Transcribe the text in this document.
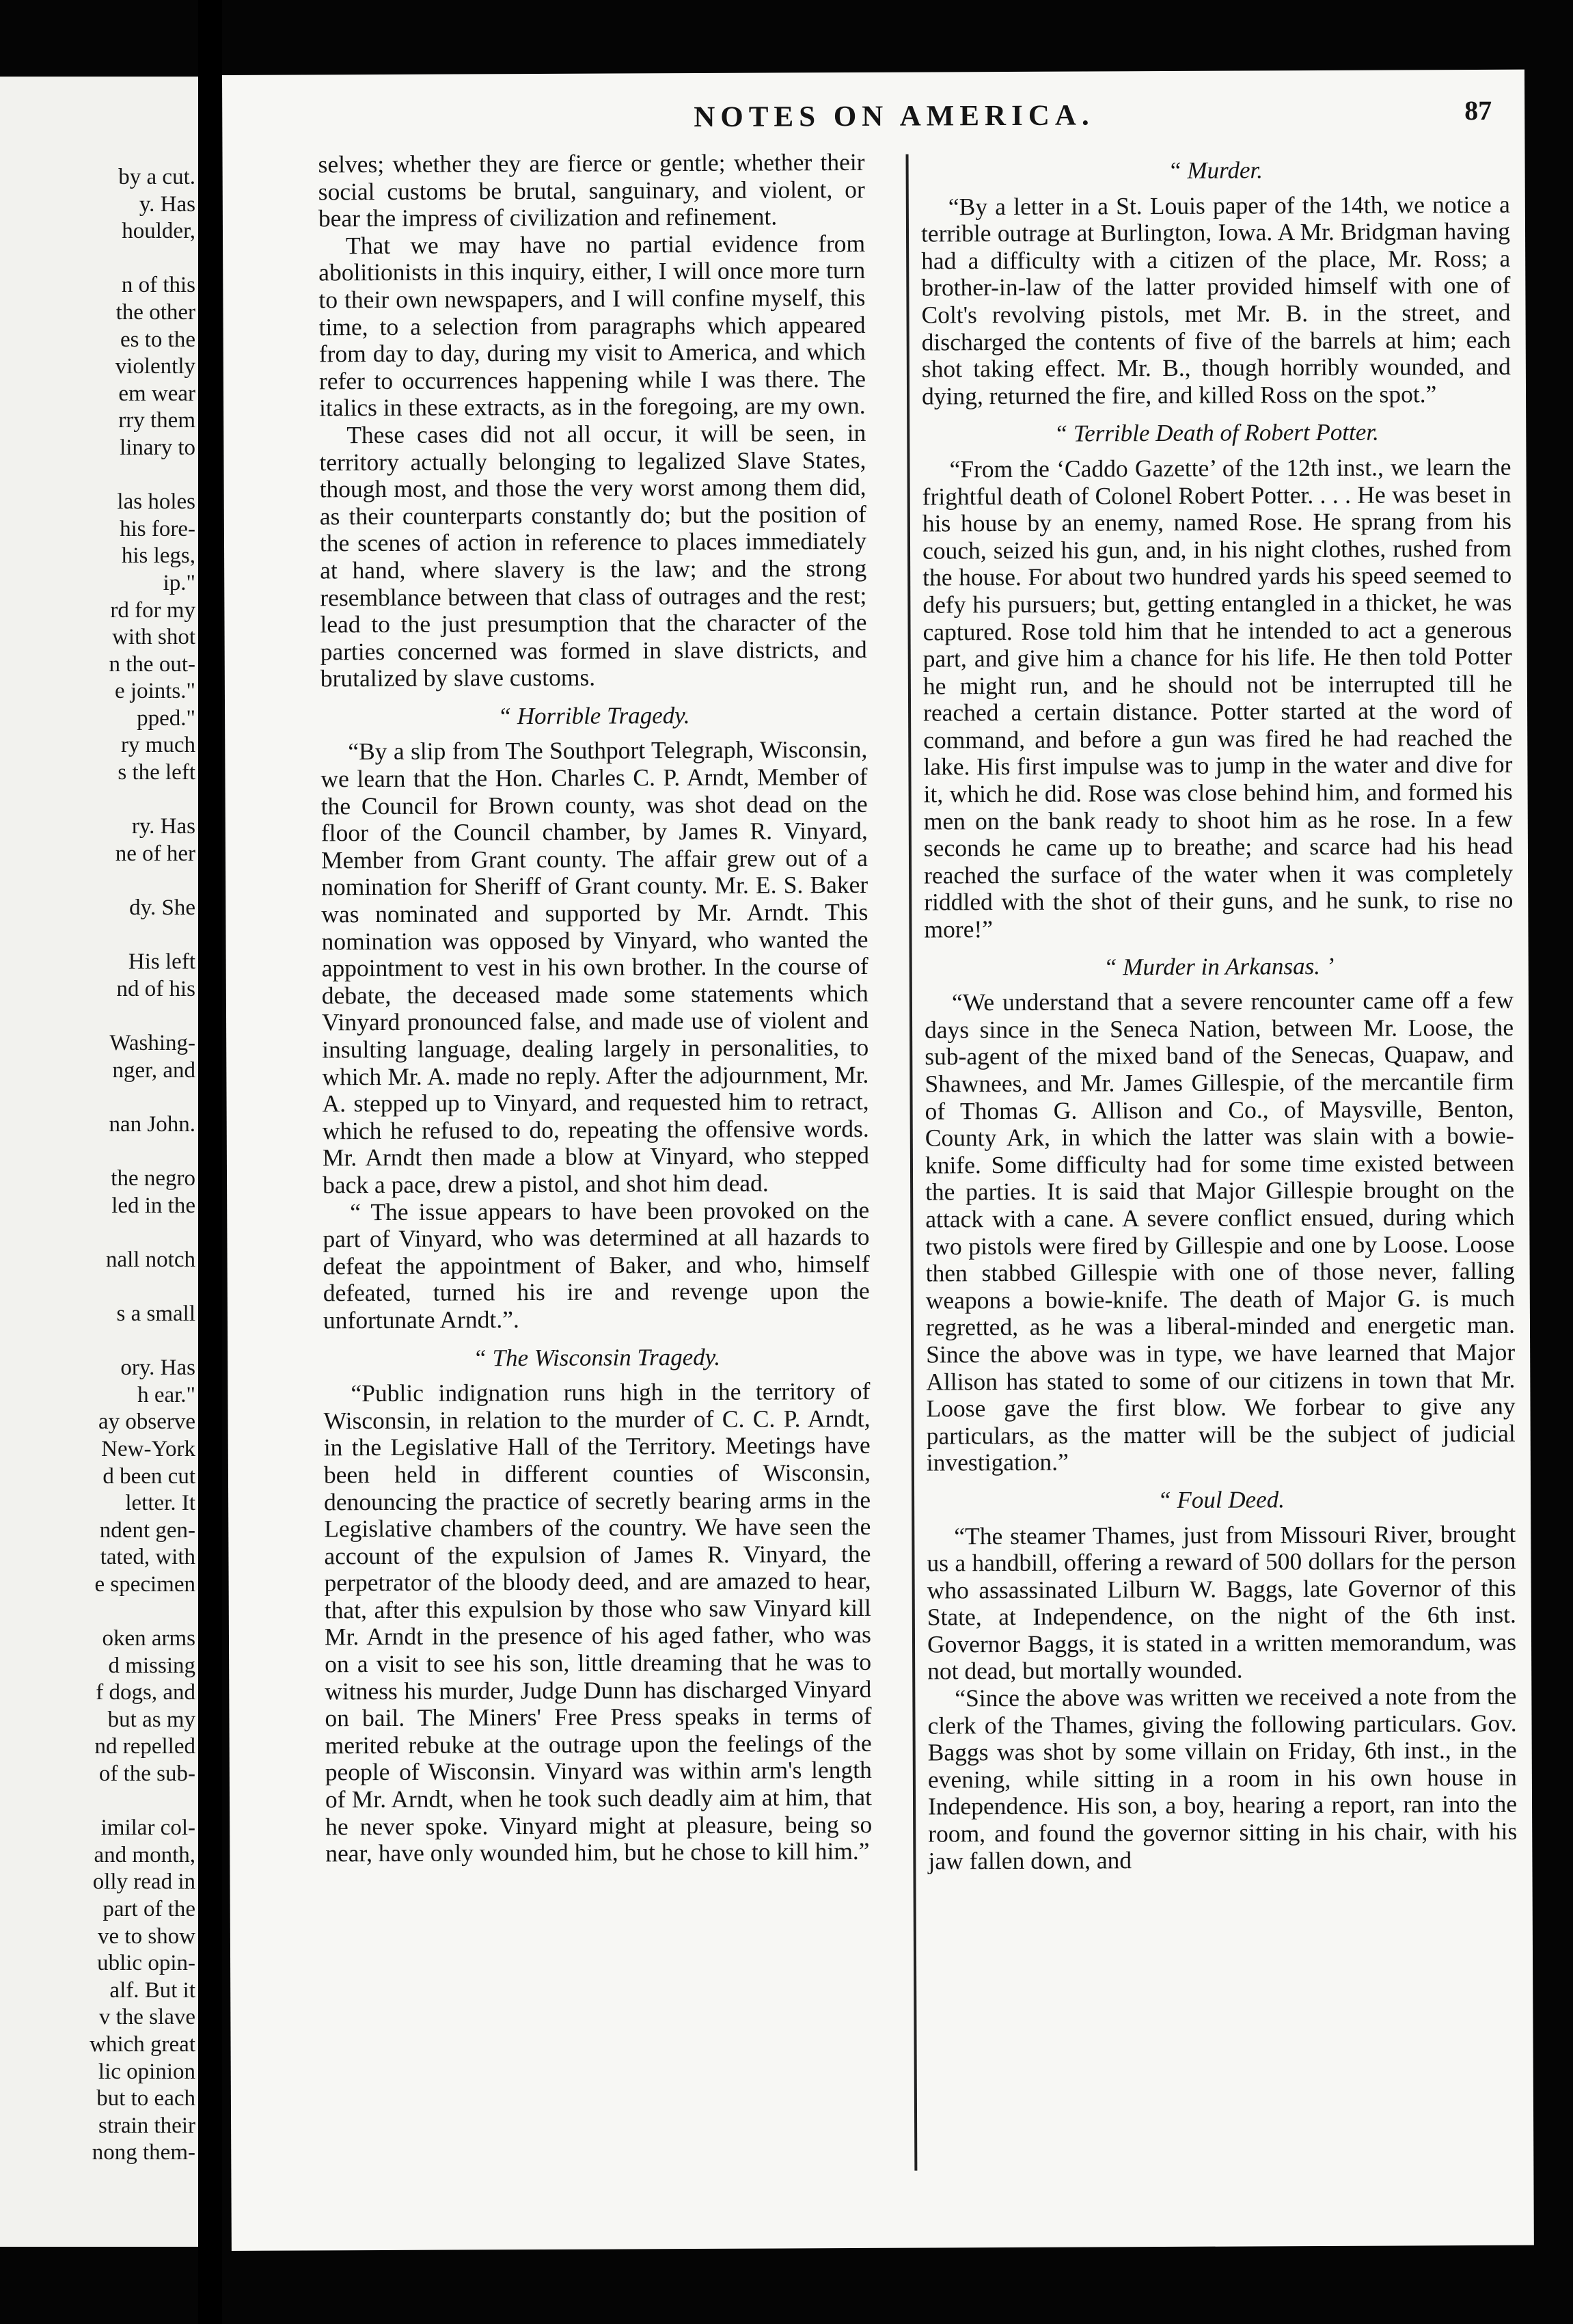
by a cut.
y. Has
houlder,
n of this
the other
es to the
violently
em wear
rry them
linary to
las holes
his fore-
his legs,
ip."
rd for my
with shot
n the out-
e joints."
pped."
ry much
s the left
ry. Has
ne of her
dy. She
His left
nd of his
Washing-
nger, and
nan John.
the negro
led in the
nall notch
s a small
ory. Has
h ear."
ay observe
New-York
d been cut
letter. It
ndent gen-
tated, with
e specimen
oken arms
d missing
f dogs, and
but as my
nd repelled
of the sub-
imilar col-
and month,
olly read in
part of the
ve to show
ublic opin-
alf. But it
v the slave
which great
lic opinion
but to each
strain their
nong them-
NOTES ON AMERICA.	87

selves; whether they are fierce or gentle; whether their social customs be brutal, sanguinary, and violent, or bear the impress of civilization and refinement.

That we may have no partial evidence from abolitionists in this inquiry, either, I will once more turn to their own newspapers, and I will confine myself, this time, to a selection from paragraphs which appeared from day to day, during my visit to America, and which refer to occurrences happening while I was there. The italics in these extracts, as in the foregoing, are my own.

These cases did not all occur, it will be seen, in territory actually belonging to legalized Slave States, though most, and those the very worst among them did, as their counterparts constantly do; but the position of the scenes of action in reference to places immediately at hand, where slavery is the law; and the strong resemblance between that class of outrages and the rest; lead to the just presumption that the character of the parties concerned was formed in slave districts, and brutalized by slave customs.

“ Horrible Tragedy.

“By a slip from The Southport Telegraph, Wisconsin, we learn that the Hon. Charles C. P. Arndt, Member of the Council for Brown county, was shot dead on the floor of the Council chamber, by James R. Vinyard, Member from Grant county. The affair grew out of a nomination for Sheriff of Grant county. Mr. E. S. Baker was nominated and supported by Mr. Arndt. This nomination was opposed by Vinyard, who wanted the appointment to vest in his own brother. In the course of debate, the deceased made some statements which Vinyard pronounced false, and made use of violent and insulting language, dealing largely in personalities, to which Mr. A. made no reply. After the adjournment, Mr. A. stepped up to Vinyard, and requested him to retract, which he refused to do, repeating the offensive words. Mr. Arndt then made a blow at Vinyard, who stepped back a pace, drew a pistol, and shot him dead.

“ The issue appears to have been provoked on the part of Vinyard, who was determined at all hazards to defeat the appointment of Baker, and who, himself defeated, turned his ire and revenge upon the unfortunate Arndt.”.

“ The Wisconsin Tragedy.

“Public indignation runs high in the territory of Wisconsin, in relation to the murder of C. C. P. Arndt, in the Legislative Hall of the Territory. Meetings have been held in different counties of Wisconsin, denouncing the practice of secretly bearing arms in the Legislative chambers of the country. We have seen the account of the expulsion of James R. Vinyard, the perpetrator of the bloody deed, and are amazed to hear, that, after this expulsion by those who saw Vinyard kill Mr. Arndt in the presence of his aged father, who was on a visit to see his son, little dreaming that he was to witness his murder, Judge Dunn has discharged Vinyard on bail. The Miners' Free Press speaks in terms of merited rebuke at the outrage upon the feelings of the people of Wisconsin. Vinyard was within arm's length of Mr. Arndt, when he took such deadly aim at him, that he never spoke. Vinyard might at pleasure, being so near, have only wounded him, but he chose to kill him.”

“ Murder.

“By a letter in a St. Louis paper of the 14th, we notice a terrible outrage at Burlington, Iowa. A Mr. Bridgman having had a difficulty with a citizen of the place, Mr. Ross; a brother-in-law of the latter provided himself with one of Colt's revolving pistols, met Mr. B. in the street, and discharged the contents of five of the barrels at him; each shot taking effect. Mr. B., though horribly wounded, and dying, returned the fire, and killed Ross on the spot.”

“ Terrible Death of Robert Potter.

“From the ‘Caddo Gazette’ of the 12th inst., we learn the frightful death of Colonel Robert Potter. . . . He was beset in his house by an enemy, named Rose. He sprang from his couch, seized his gun, and, in his night clothes, rushed from the house. For about two hundred yards his speed seemed to defy his pursuers; but, getting entangled in a thicket, he was captured. Rose told him that he intended to act a generous part, and give him a chance for his life. He then told Potter he might run, and he should not be interrupted till he reached a certain distance. Potter started at the word of command, and before a gun was fired he had reached the lake. His first impulse was to jump in the water and dive for it, which he did. Rose was close behind him, and formed his men on the bank ready to shoot him as he rose. In a few seconds he came up to breathe; and scarce had his head reached the surface of the water when it was completely riddled with the shot of their guns, and he sunk, to rise no more!”

“ Murder in Arkansas. ’

“We understand that a severe rencounter came off a few days since in the Seneca Nation, between Mr. Loose, the sub-agent of the mixed band of the Senecas, Quapaw, and Shawnees, and Mr. James Gillespie, of the mercantile firm of Thomas G. Allison and Co., of Maysville, Benton, County Ark, in which the latter was slain with a bowie-knife. Some difficulty had for some time existed between the parties. It is said that Major Gillespie brought on the attack with a cane. A severe conflict ensued, during which two pistols were fired by Gillespie and one by Loose. Loose then stabbed Gillespie with one of those never, falling weapons a bowie-knife. The death of Major G. is much regretted, as he was a liberal-minded and energetic man. Since the above was in type, we have learned that Major Allison has stated to some of our citizens in town that Mr. Loose gave the first blow. We forbear to give any particulars, as the matter will be the subject of judicial investigation.”

“ Foul Deed.

“The steamer Thames, just from Missouri River, brought us a handbill, offering a reward of 500 dollars for the person who assassinated Lilburn W. Baggs, late Governor of this State, at Independence, on the night of the 6th inst. Governor Baggs, it is stated in a written memorandum, was not dead, but mortally wounded.

“Since the above was written we received a note from the clerk of the Thames, giving the following particulars. Gov. Baggs was shot by some villain on Friday, 6th inst., in the evening, while sitting in a room in his own house in Independence. His son, a boy, hearing a report, ran into the room, and found the governor sitting in his chair, with his jaw fallen down, and
